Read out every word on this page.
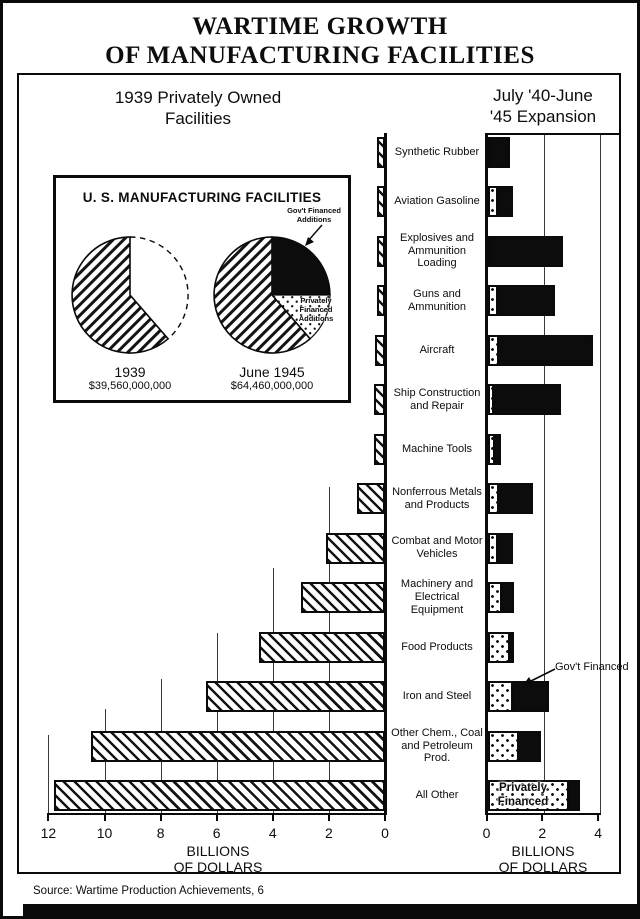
WARTIME GROWTH
OF MANUFACTURING FACILITIES
1939 Privately Owned
Facilities
July '40-June
'45 Expansion
Synthetic Rubber
Aviation Gasoline
Explosives and Ammunition Loading
Guns and Ammunition
Aircraft
Ship Construction and Repair
Machine Tools
Nonferrous Metals and Products
Combat and Motor Vehicles
Machinery and Electrical Equipment
Food Products
Iron and Steel
Other Chem., Coal and Petroleum Prod.
All Other
12	10	8	6	4	2	0	0	2	4
BILLIONS
OF DOLLARS
BILLIONS
OF DOLLARS
Gov't Financed
Privately
Financed
U. S. MANUFACTURING FACILITIES
Gov't Financed
Additions
Privately
Financed
Additions
1939
$39,560,000,000
June 1945
$64,460,000,000
Source: Wartime Production Achievements, 6
